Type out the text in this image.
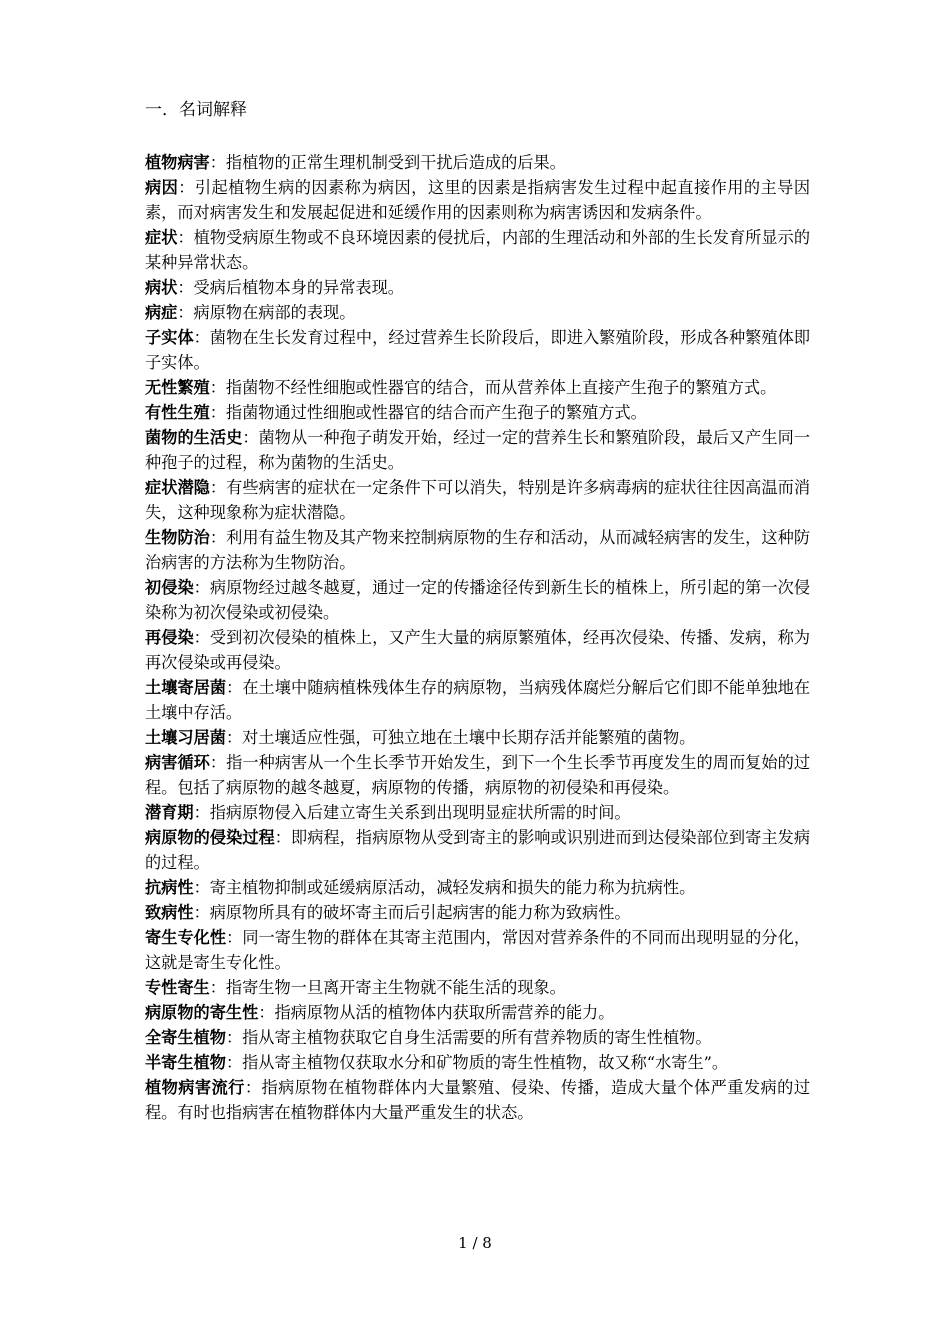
一．名词解释

植物病害：指植物的正常生理机制受到干扰后造成的后果。

病因：引起植物生病的因素称为病因，这里的因素是指病害发生过程中起直接作用的主导因素，而对病害发生和发展起促进和延缓作用的因素则称为病害诱因和发病条件。

症状：植物受病原生物或不良环境因素的侵扰后，内部的生理活动和外部的生长发育所显示的某种异常状态。

病状：受病后植物本身的异常表现。

病症：病原物在病部的表现。

子实体：菌物在生长发育过程中，经过营养生长阶段后，即进入繁殖阶段，形成各种繁殖体即子实体。

无性繁殖：指菌物不经性细胞或性器官的结合，而从营养体上直接产生孢子的繁殖方式。

有性生殖：指菌物通过性细胞或性器官的结合而产生孢子的繁殖方式。

菌物的生活史：菌物从一种孢子萌发开始，经过一定的营养生长和繁殖阶段，最后又产生同一种孢子的过程，称为菌物的生活史。

症状潜隐：有些病害的症状在一定条件下可以消失，特别是许多病毒病的症状往往因高温而消失，这种现象称为症状潜隐。

生物防治：利用有益生物及其产物来控制病原物的生存和活动，从而减轻病害的发生，这种防治病害的方法称为生物防治。

初侵染：病原物经过越冬越夏，通过一定的传播途径传到新生长的植株上，所引起的第一次侵染称为初次侵染或初侵染。

再侵染：受到初次侵染的植株上，又产生大量的病原繁殖体，经再次侵染、传播、发病，称为再次侵染或再侵染。

土壤寄居菌：在土壤中随病植株残体生存的病原物，当病残体腐烂分解后它们即不能单独地在土壤中存活。

土壤习居菌：对土壤适应性强，可独立地在土壤中长期存活并能繁殖的菌物。

病害循环：指一种病害从一个生长季节开始发生，到下一个生长季节再度发生的周而复始的过程。包括了病原物的越冬越夏，病原物的传播，病原物的初侵染和再侵染。

潜育期：指病原物侵入后建立寄生关系到出现明显症状所需的时间。

病原物的侵染过程：即病程，指病原物从受到寄主的影响或识别进而到达侵染部位到寄主发病的过程。

抗病性：寄主植物抑制或延缓病原活动，减轻发病和损失的能力称为抗病性。

致病性：病原物所具有的破坏寄主而后引起病害的能力称为致病性。

寄生专化性：同一寄生物的群体在其寄主范围内，常因对营养条件的不同而出现明显的分化，这就是寄生专化性。

专性寄生：指寄生物一旦离开寄主生物就不能生活的现象。

病原物的寄生性：指病原物从活的植物体内获取所需营养的能力。

全寄生植物：指从寄主植物获取它自身生活需要的所有营养物质的寄生性植物。

半寄生植物：指从寄主植物仅获取水分和矿物质的寄生性植物，故又称“水寄生”。

植物病害流行：指病原物在植物群体内大量繁殖、侵染、传播，造成大量个体严重发病的过程。有时也指病害在植物群体内大量严重发生的状态。

1 / 8
